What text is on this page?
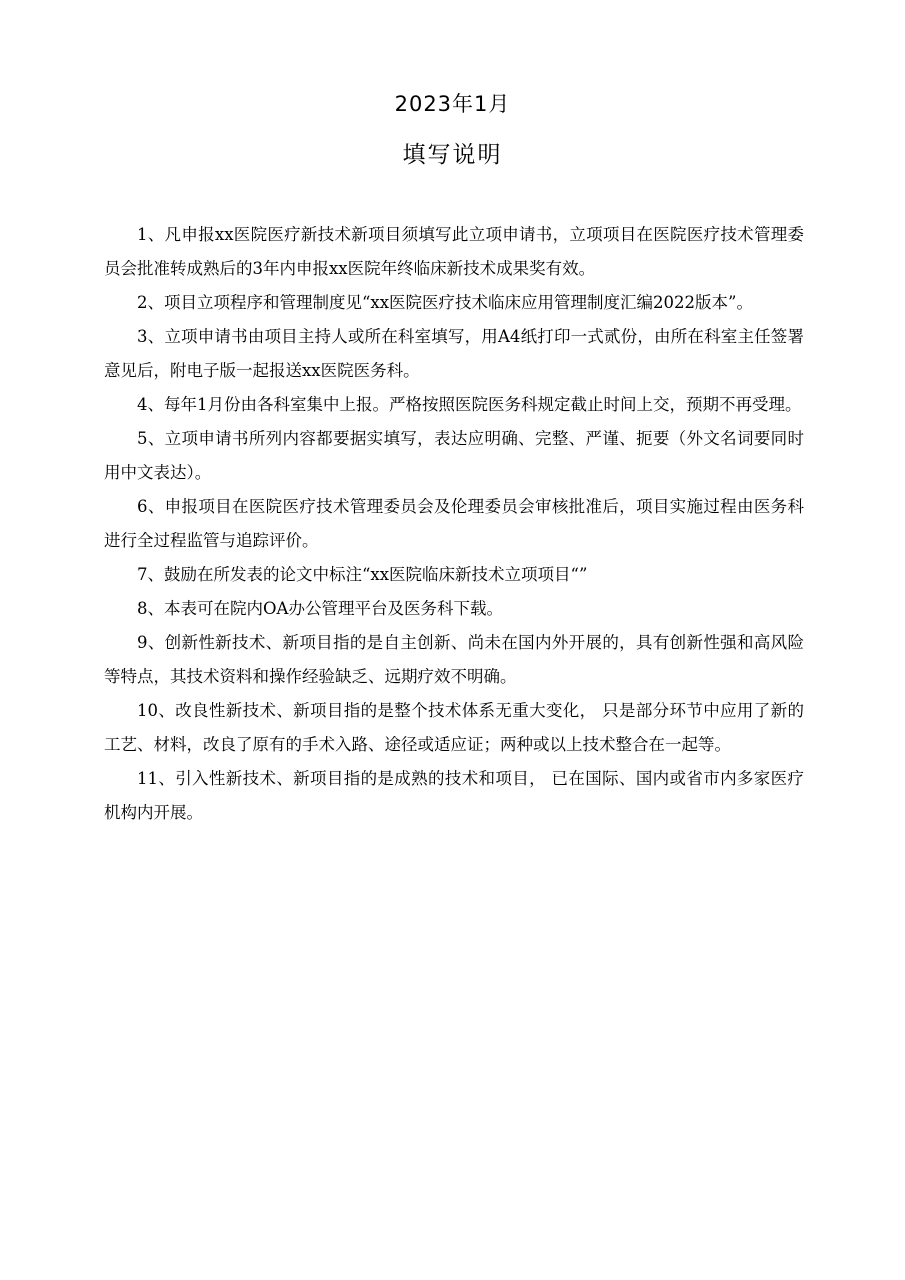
2023年1月
填写说明

1、凡申报xx医院医疗新技术新项目须填写此立项申请书，立项项目在医院医疗技术管理委员会批准转成熟后的3年内申报xx医院年终临床新技术成果奖有效。

2、项目立项程序和管理制度见“xx医院医疗技术临床应用管理制度汇编2022版本”。

3、立项申请书由项目主持人或所在科室填写，用A4纸打印一式贰份，由所在科室主任签署意见后，附电子版一起报送xx医院医务科。

4、每年1月份由各科室集中上报。严格按照医院医务科规定截止时间上交，预期不再受理。

5、立项申请书所列内容都要据实填写，表达应明确、完整、严谨、扼要（外文名词要同时用中文表达）。

6、申报项目在医院医疗技术管理委员会及伦理委员会审核批准后，项目实施过程由医务科进行全过程监管与追踪评价。

7、鼓励在所发表的论文中标注“xx医院临床新技术立项项目“”

8、本表可在院内OA办公管理平台及医务科下载。

9、创新性新技术、新项目指的是自主创新、尚未在国内外开展的，具有创新性强和高风险等特点，其技术资料和操作经验缺乏、远期疗效不明确。

10、改良性新技术、新项目指的是整个技术体系无重大变化， 只是部分环节中应用了新的工艺、材料，改良了原有的手术入路、途径或适应证；两种或以上技术整合在一起等。

11、引入性新技术、新项目指的是成熟的技术和项目， 已在国际、国内或省市内多家医疗机构内开展。
